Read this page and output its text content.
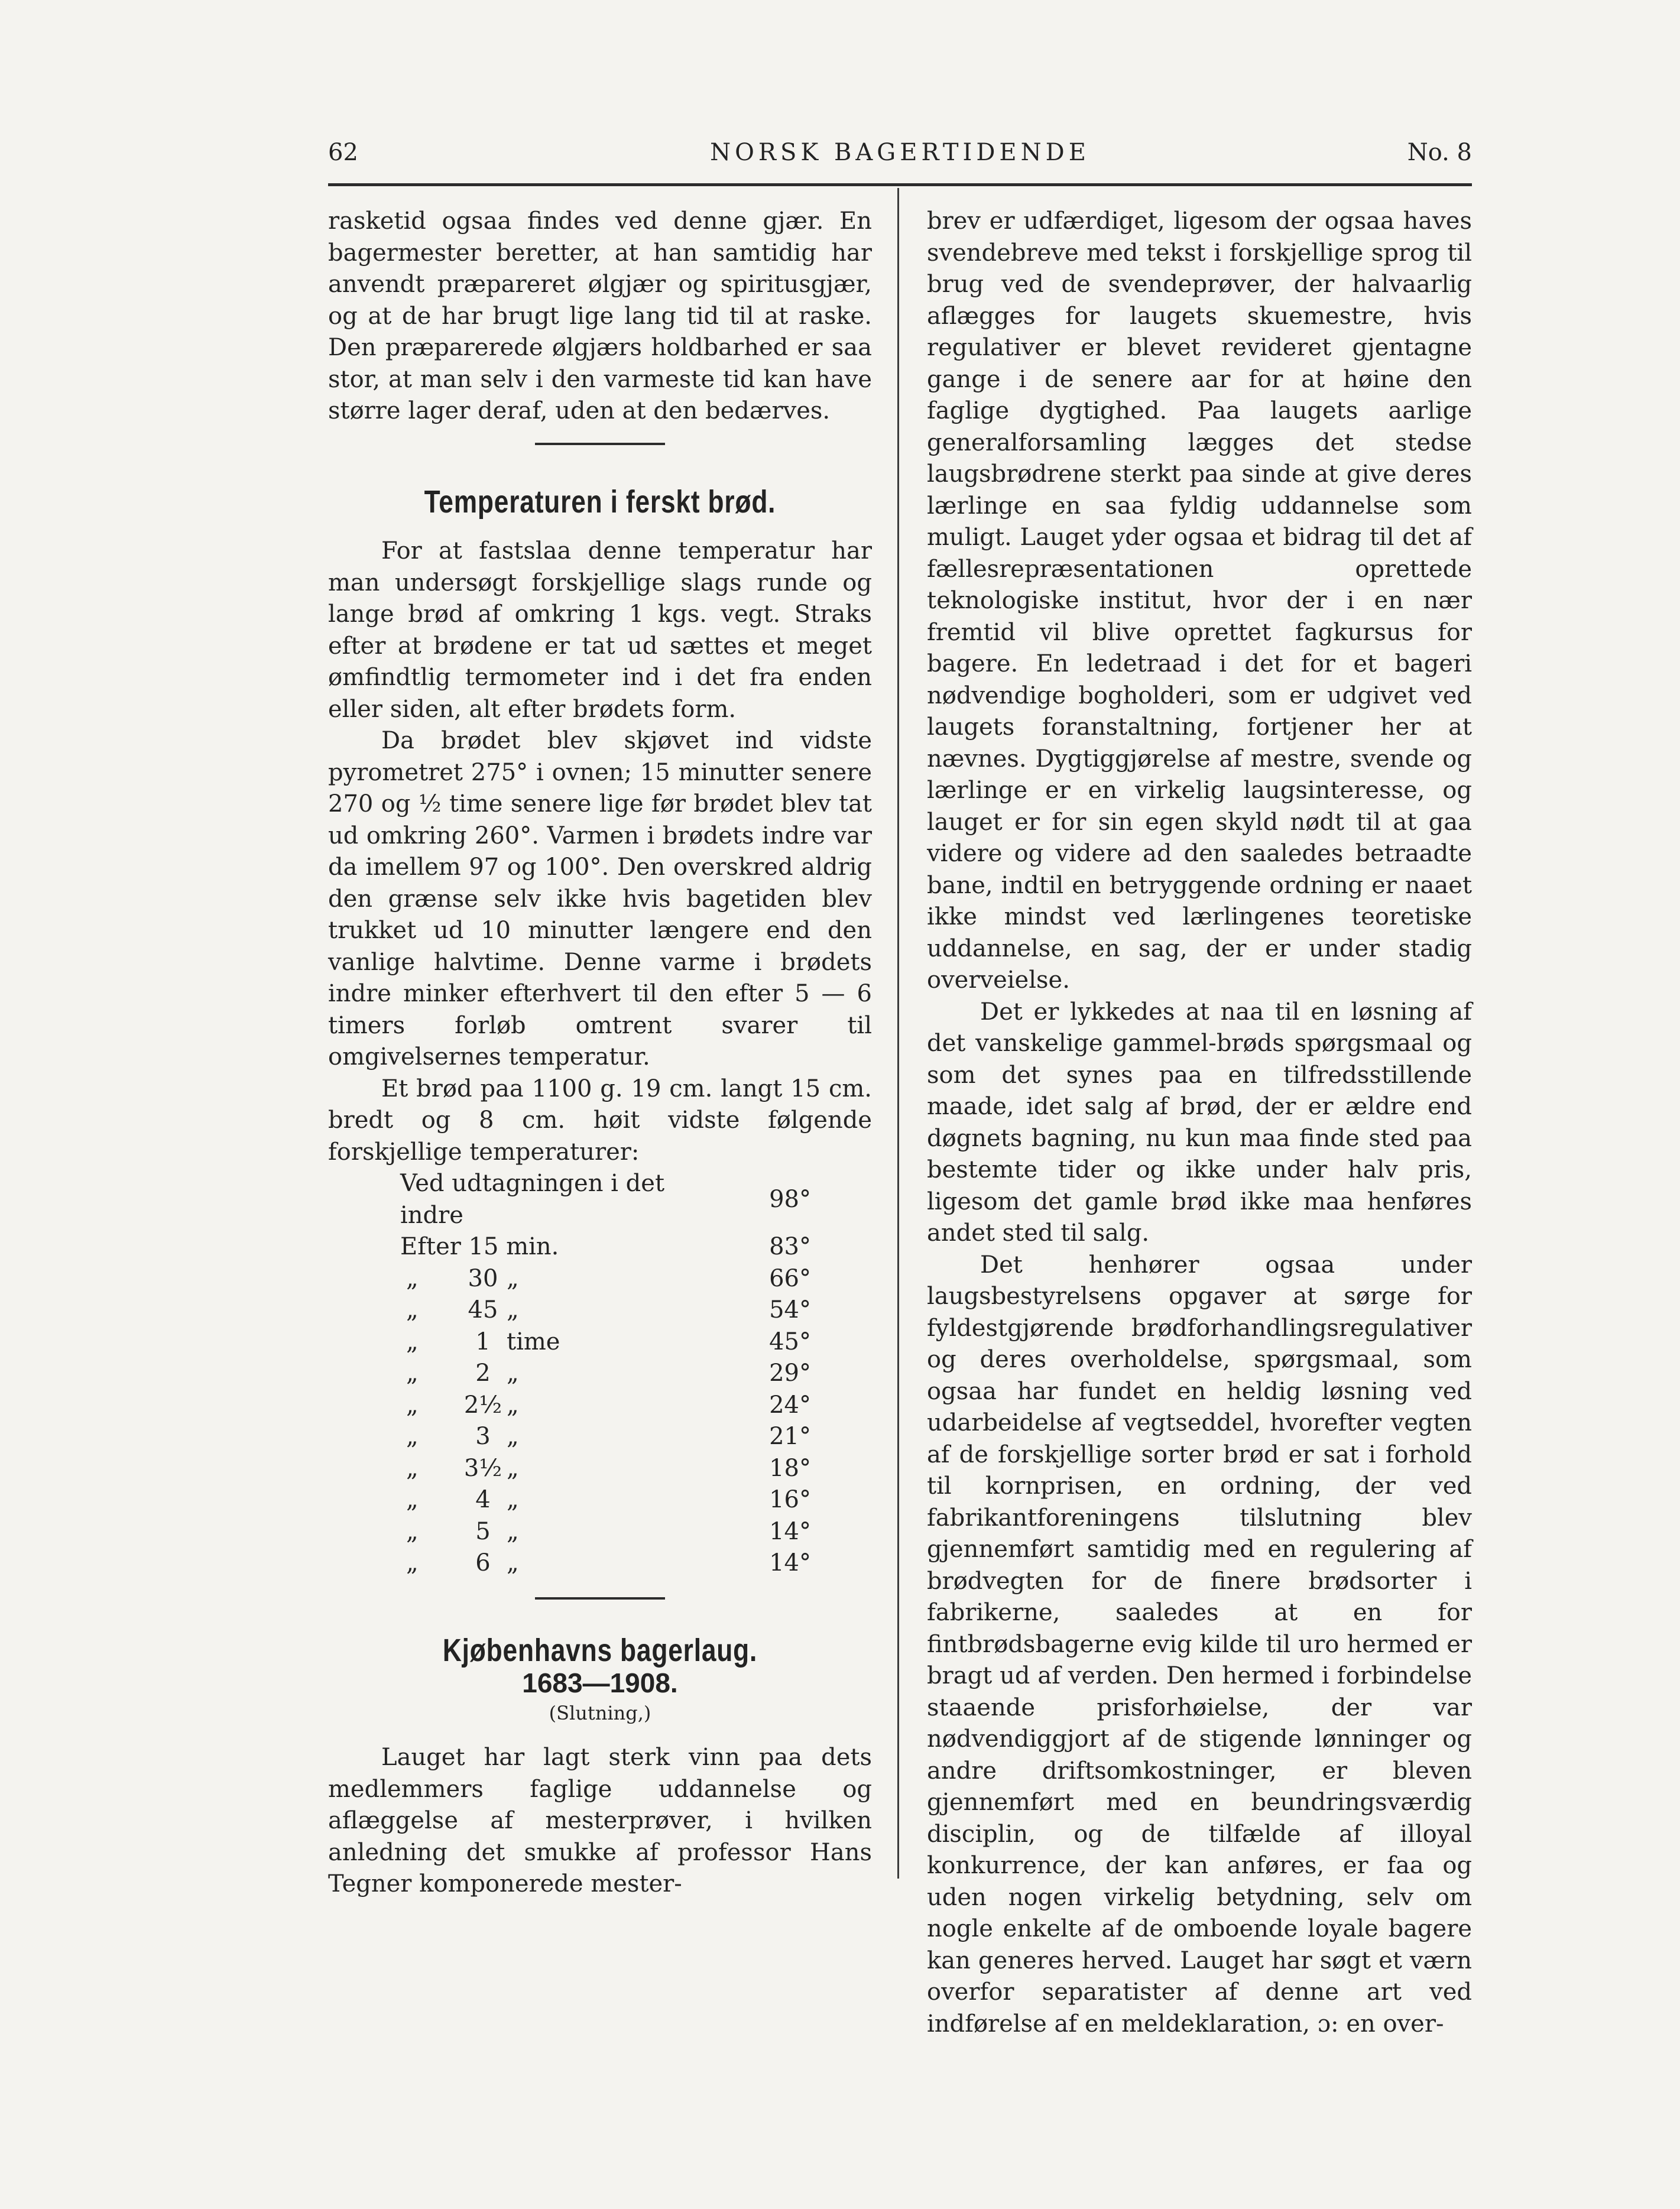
62	NORSK BAGERTIDENDE	No. 8

rasketid ogsaa findes ved denne gjær. En bagermester beretter, at han samtidig har anvendt præpareret ølgjær og spiritusgjær, og at de har brugt lige lang tid til at raske. Den præparerede ølgjærs holdbarhed er saa stor, at man selv i den varmeste tid kan have større lager deraf, uden at den bedærves.

Temperaturen i ferskt brød.

For at fastslaa denne temperatur har man undersøgt forskjellige slags runde og lange brød af omkring 1 kgs. vegt. Straks efter at brødene er tat ud sættes et meget ømfindtlig termometer ind i det fra enden eller siden, alt efter brødets form.

Da brødet blev skjøvet ind vidste pyrometret 275° i ovnen; 15 minutter senere 270 og ½ time senere lige før brødet blev tat ud omkring 260°. Varmen i brødets indre var da imellem 97 og 100°. Den overskred aldrig den grænse selv ikke hvis bagetiden blev trukket ud 10 minutter længere end den vanlige halvtime. Denne varme i brødets indre minker efterhvert til den efter 5 — 6 timers forløb omtrent svarer til omgivelsernes temperatur.

Et brød paa 1100 g. 19 cm. langt 15 cm. bredt og 8 cm. høit vidste følgende forskjellige temperaturer:

Ved udtagningen i det indre			98°
Efter 15 min.			83°
„	30	„	66°
„	45	„	54°
„	1	time	45°
„	2	„	29°
„	2½	„	24°
„	3	„	21°
„	3½	„	18°
„	4	„	16°
„	5	„	14°
„	6	„	14°
Kjøbenhavns bagerlaug.
1683—1908.
(Slutning,)

Lauget har lagt sterk vinn paa dets medlemmers faglige uddannelse og aflæggelse af mesterprøver, i hvilken anledning det smukke af professor Hans Tegner komponerede mester-

brev er udfærdiget, ligesom der ogsaa haves svendebreve med tekst i forskjellige sprog til brug ved de svendeprøver, der halvaarlig aflægges for laugets skuemestre, hvis regulativer er blevet revideret gjentagne gange i de senere aar for at høine den faglige dygtighed. Paa laugets aarlige generalforsamling lægges det stedse laugsbrødrene sterkt paa sinde at give deres lærlinge en saa fyldig uddannelse som muligt. Lauget yder ogsaa et bidrag til det af fællesrepræsentationen oprettede teknologiske institut, hvor der i en nær fremtid vil blive oprettet fagkursus for bagere. En ledetraad i det for et bageri nødvendige bogholderi, som er udgivet ved laugets foranstaltning, fortjener her at nævnes. Dygtiggjørelse af mestre, svende og lærlinge er en virkelig laugsinteresse, og lauget er for sin egen skyld nødt til at gaa videre og videre ad den saaledes betraadte bane, indtil en betryggende ordning er naaet ikke mindst ved lærlingenes teoretiske uddannelse, en sag, der er under stadig overveielse.

Det er lykkedes at naa til en løsning af det vanskelige gammel-brøds spørgsmaal og som det synes paa en tilfredsstillende maade, idet salg af brød, der er ældre end døgnets bagning, nu kun maa finde sted paa bestemte tider og ikke under halv pris, ligesom det gamle brød ikke maa henføres andet sted til salg.

Det henhører ogsaa under laugsbestyrelsens opgaver at sørge for fyldestgjørende brødforhandlingsregulativer og deres overholdelse, spørgsmaal, som ogsaa har fundet en heldig løsning ved udarbeidelse af vegtseddel, hvorefter vegten af de forskjellige sorter brød er sat i forhold til kornprisen, en ordning, der ved fabrikantforeningens tilslutning blev gjennemført samtidig med en regulering af brødvegten for de finere brødsorter i fabrikerne, saaledes at en for fintbrødsbagerne evig kilde til uro hermed er bragt ud af verden. Den hermed i forbindelse staaende prisforhøielse, der var nødvendiggjort af de stigende lønninger og andre driftsomkostninger, er bleven gjennemført med en beundringsværdig disciplin, og de tilfælde af illoyal konkurrence, der kan anføres, er faa og uden nogen virkelig betydning, selv om nogle enkelte af de omboende loyale bagere kan generes herved. Lauget har søgt et værn overfor separatister af denne art ved indførelse af en meldeklaration, ɔ: en over-
